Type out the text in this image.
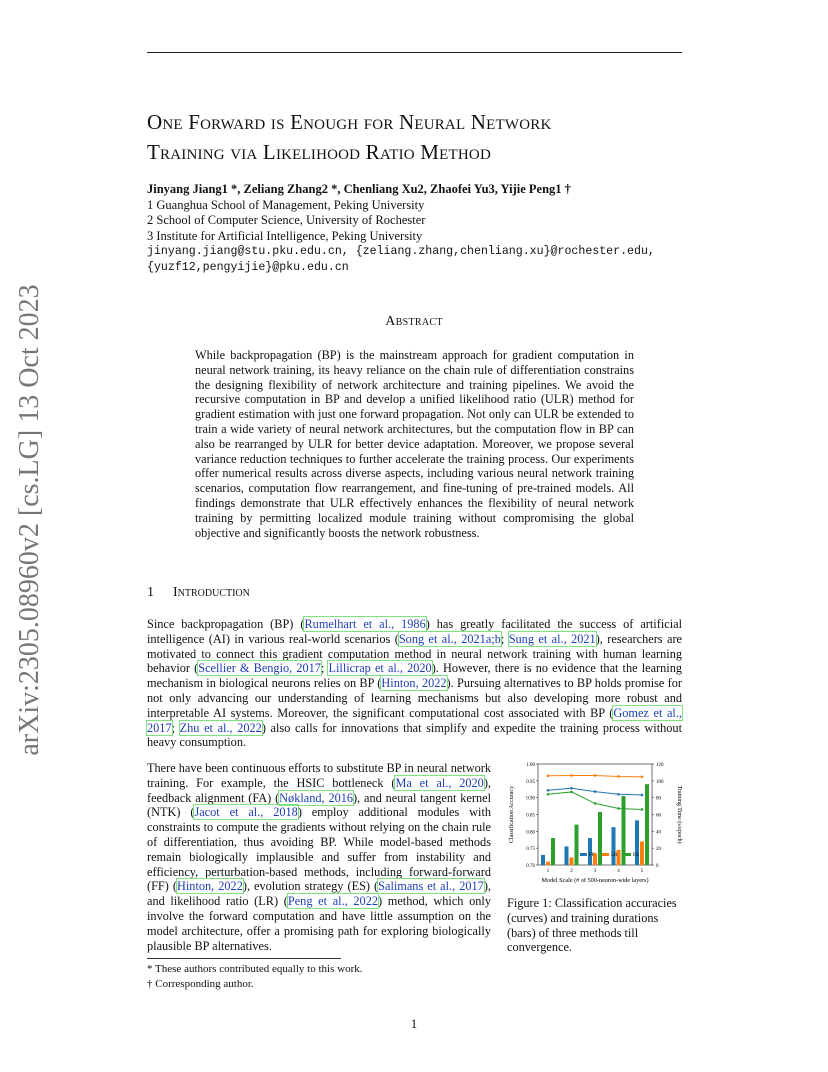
arXiv:2305.08960v2 [cs.LG] 13 Oct 2023
One Forward is Enough for Neural Network
Training via Likelihood Ratio Method
Jinyang Jiang1 *, Zeliang Zhang2 *, Chenliang Xu2, Zhaofei Yu3, Yijie Peng1 †
1 Guanghua School of Management, Peking University
2 School of Computer Science, University of Rochester
3 Institute for Artificial Intelligence, Peking University
jinyang.jiang@stu.pku.edu.cn, {zeliang.zhang,chenliang.xu}@rochester.edu,
{yuzf12,pengyijie}@pku.edu.cn
Abstract
While backpropagation (BP) is the mainstream approach for gradient computation in neural network training, its heavy reliance on the chain rule of differentiation constrains the designing flexibility of network architecture and training pipelines. We avoid the recursive computation in BP and develop a unified likelihood ratio (ULR) method for gradient estimation with just one forward propagation. Not only can ULR be extended to train a wide variety of neural network architectures, but the computation flow in BP can also be rearranged by ULR for better device adaptation. Moreover, we propose several variance reduction techniques to further accelerate the training process. Our experiments offer numerical results across diverse aspects, including various neural network training scenarios, computation flow rearrangement, and fine-tuning of pre-trained models. All findings demonstrate that ULR effectively enhances the flexibility of neural network training by permitting localized module training without compromising the global objective and significantly boosts the network robustness.
1 Introduction
Since backpropagation (BP) (Rumelhart et al., 1986) has greatly facilitated the success of artificial intelligence (AI) in various real-world scenarios (Song et al., 2021a;b; Sung et al., 2021), researchers are motivated to connect this gradient computation method in neural network training with human learning behavior (Scellier & Bengio, 2017; Lillicrap et al., 2020). However, there is no evidence that the learning mechanism in biological neurons relies on BP (Hinton, 2022). Pursuing alternatives to BP holds promise for not only advancing our understanding of learning mechanisms but also developing more robust and interpretable AI systems. Moreover, the significant computational cost associated with BP (Gomez et al., 2017; Zhu et al., 2022) also calls for innovations that simplify and expedite the training process without heavy consumption.
There have been continuous efforts to substitute BP in neural network training. For example, the HSIC bottleneck (Ma et al., 2020), feedback alignment (FA) (Nøkland, 2016), and neural tangent kernel (NTK) (Jacot et al., 2018) employ additional modules with constraints to compute the gradients without relying on the chain rule of differentiation, thus avoiding BP. While model-based methods remain biologically implausible and suffer from instability and efficiency, perturbation-based methods, including forward-forward (FF) (Hinton, 2022), evolution strategy (ES) (Salimans et al., 2017), and likelihood ratio (LR) (Peng et al., 2022) method, which only involve the forward computation and have little assumption on the model architecture, offer a promising path for exploring biologically plausible BP alternatives.
0.70
0.75
0.80
0.85
0.90
0.95
1.00
0
20
40
60
80
100
120
1	2	3	4	5
FF	LR	ES
Model Scale (# of 500-neuron-wide layers)
Classification Accuracy	Training Time (s/epoch)
Figure 1: Classification accuracies (curves) and training durations (bars) of three methods till convergence.
* These authors contributed equally to this work.
† Corresponding author.
1
